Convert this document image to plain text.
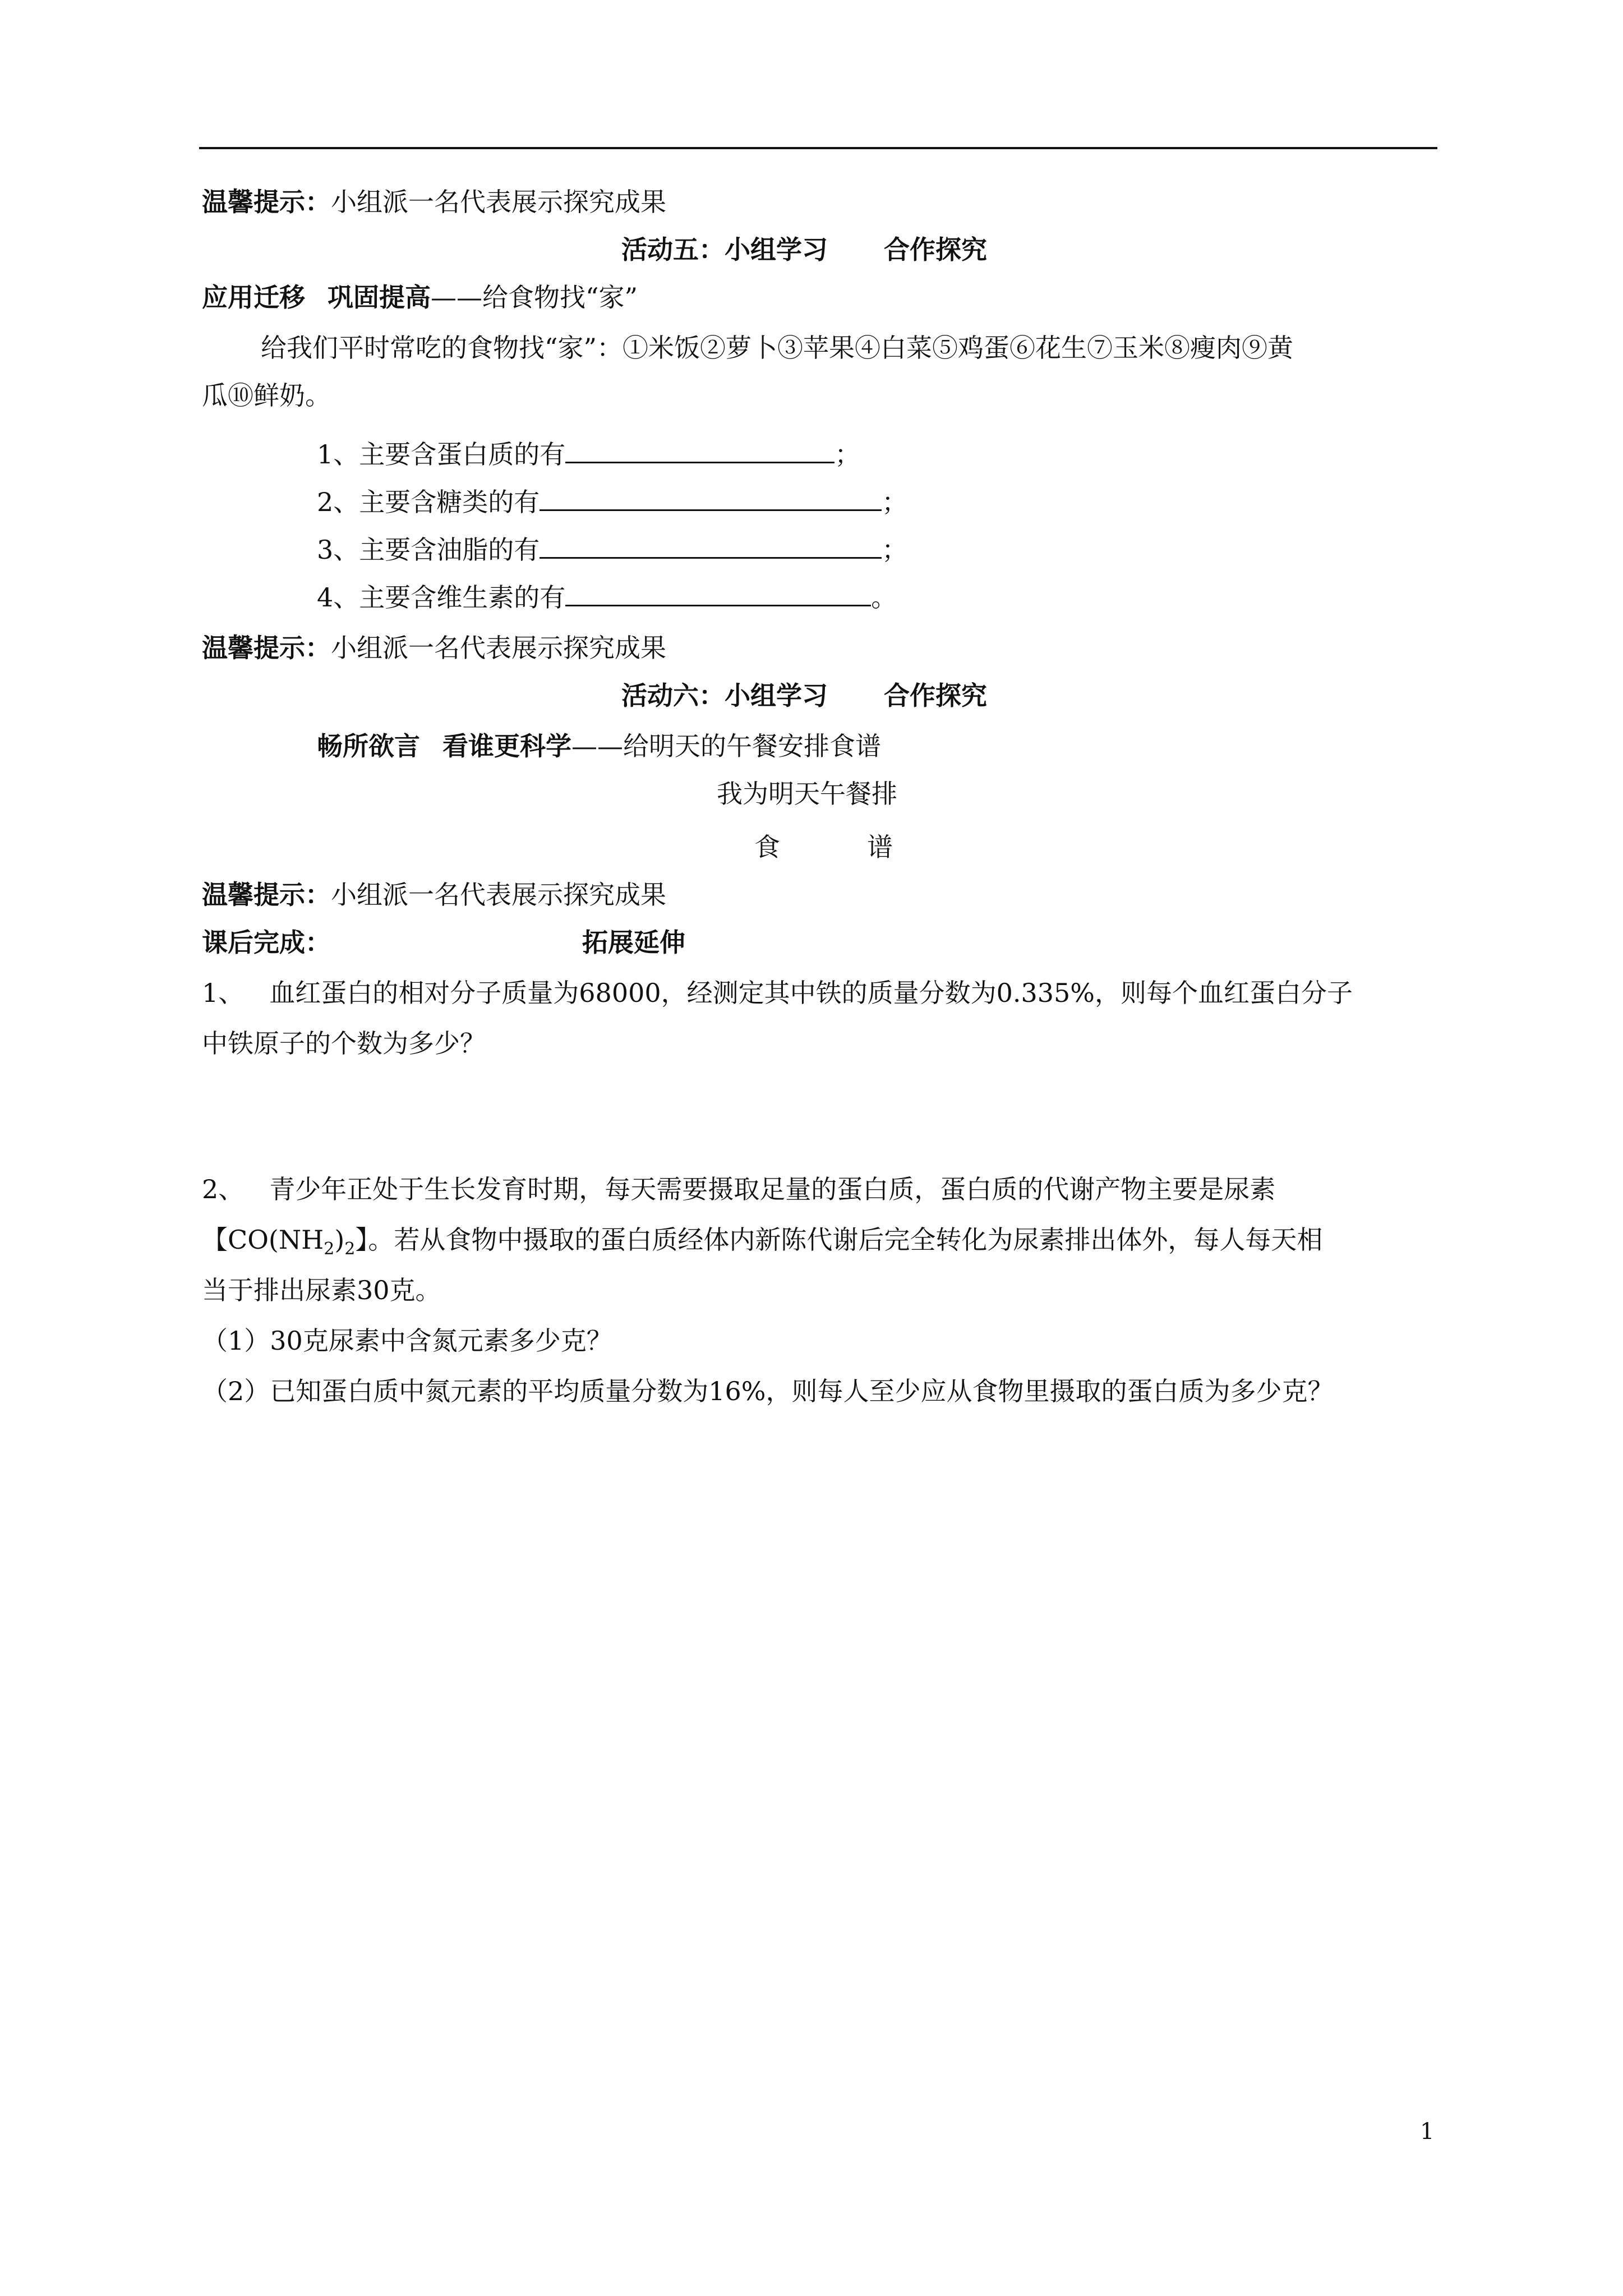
温馨提示：小组派一名代表展示探究成果
活动五：小组学习 合作探究
应用迁移 巩固提高——给食物找“家”
给我们平时常吃的食物找“家”：①米饭②萝卜③苹果④白菜⑤鸡蛋⑥花生⑦玉米⑧瘦肉⑨黄
瓜⑩鲜奶。
1、主要含蛋白质的有	；
2、主要含糖类的有	；
3、主要含油脂的有	；
4、主要含维生素的有	。
温馨提示：小组派一名代表展示探究成果
活动六：小组学习 合作探究
畅所欲言 看谁更科学——给明天的午餐安排食谱
我为明天午餐排
食	谱
温馨提示：小组派一名代表展示探究成果
课后完成：	拓展延伸
1、 血红蛋白的相对分子质量为68000，经测定其中铁的质量分数为0.335%，则每个血红蛋白分子
中铁原子的个数为多少？
2、 青少年正处于生长发育时期，每天需要摄取足量的蛋白质，蛋白质的代谢产物主要是尿素
【$CO(NH_2)_2$】。若从食物中摄取的蛋白质经体内新陈代谢后完全转化为尿素排出体外，每人每天相
当于排出尿素30克。
（1）30克尿素中含氮元素多少克？
（2）已知蛋白质中氮元素的平均质量分数为16%，则每人至少应从食物里摄取的蛋白质为多少克？
1
